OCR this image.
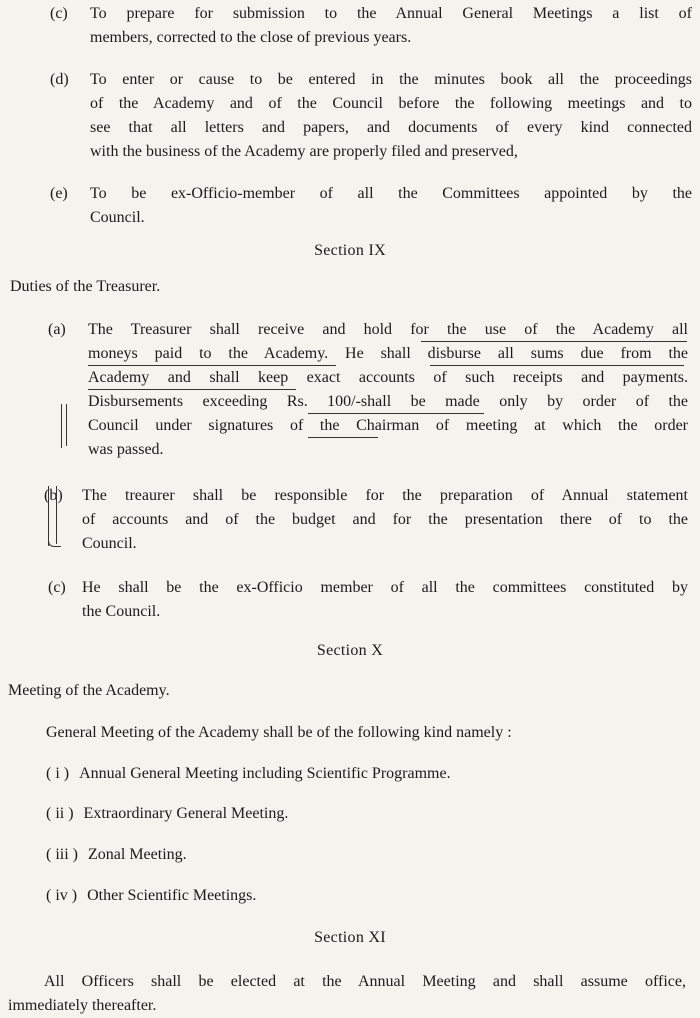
(c) To prepare for submission to the Annual General Meetings a list of
members, corrected to the close of previous years.
(d) To enter or cause to be entered in the minutes book all the proceedings
of the Academy and of the Council before the following meetings and to
see that all letters and papers, and documents of every kind connected
with the business of the Academy are properly filed and preserved,
(e) To be ex-Officio-member of all the Committees appointed by the
Council.
Section IX
Duties of the Treasurer.
(a) The Treasurer shall receive and hold for the use of the Academy all
moneys paid to the Academy. He shall disburse all sums due from the
Academy and shall keep exact accounts of such receipts and payments.
Disbursements exceeding Rs. 100/-shall be made only by order of the
Council under signatures of the Chairman of meeting at which the order
was passed.
(b) The treaurer shall be responsible for the preparation of Annual statement
of accounts and of the budget and for the presentation there of to the
Council.
(c) He shall be the ex-Officio member of all the committees constituted by
the Council.
Section X
Meeting of the Academy.
General Meeting of the Academy shall be of the following kind namely :
( i ) Annual General Meeting including Scientific Programme.
( ii ) Extraordinary General Meeting.
( iii ) Zonal Meeting.
( iv ) Other Scientific Meetings.
Section XI
All Officers shall be elected at the Annual Meeting and shall assume office,
immediately thereafter.
